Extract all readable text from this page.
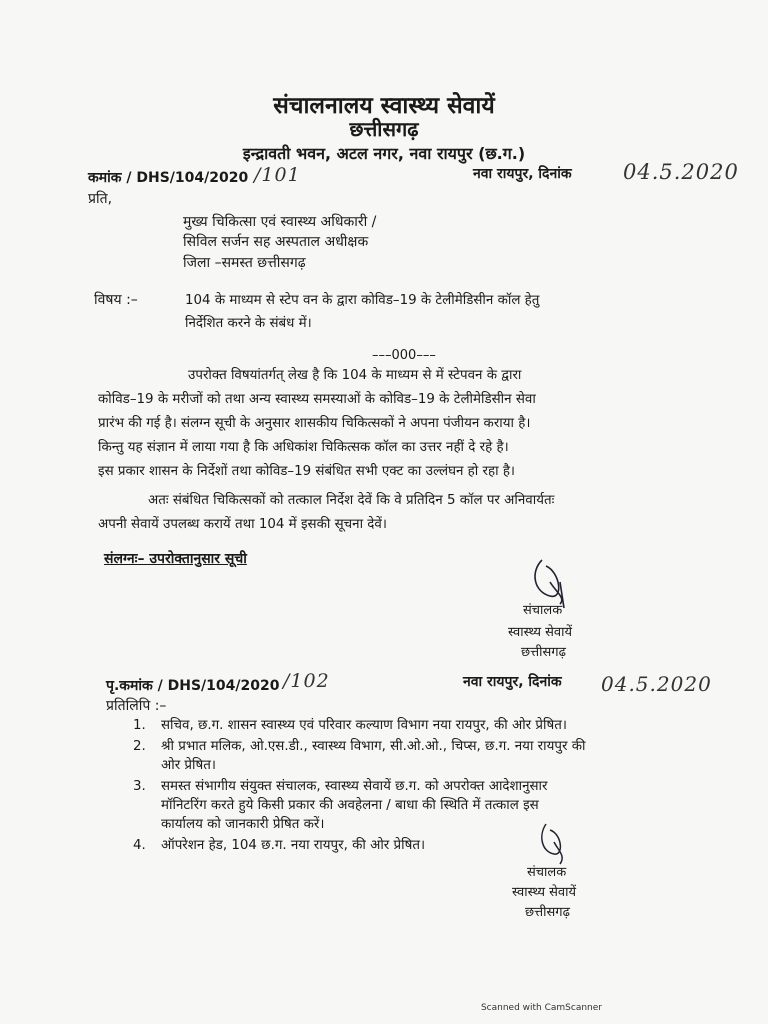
संचालनालय स्वास्थ्य सेवायें
छत्तीसगढ़
इन्द्रावती भवन, अटल नगर, नवा रायपुर (छ.ग.)
कमांक / DHS/104/2020 /101	नवा रायपुर, दिनांक 04.5.2020
प्रति,
मुख्य चिकित्सा एवं स्वास्थ्य अधिकारी /
सिविल सर्जन सह अस्पताल अधीक्षक
जिला –समस्त छत्तीसगढ़
विषय :–	104 के माध्यम से स्टेप वन के द्वारा कोविड–19 के टेलीमेडिसीन कॉल हेतु
निर्देशित करने के संबंध में।
–––000–––
उपरोक्त विषयांतर्गत् लेख है कि 104 के माध्यम से में स्टेपवन के द्वारा
कोविड–19 के मरीजों को तथा अन्य स्वास्थ्य समस्याओं के कोविड–19 के टेलीमेडिसीन सेवा
प्रारंभ की गई है। संलग्न सूची के अनुसार शासकीय चिकित्सकों ने अपना पंजीयन कराया है।
किन्तु यह संज्ञान में लाया गया है कि अधिकांश चिकित्सक कॉल का उत्तर नहीं दे रहे है।
इस प्रकार शासन के निर्देशों तथा कोविड–19 संबंधित सभी एक्ट का उल्लंघन हो रहा है।
अतः संबंधित चिकित्सकों को तत्काल निर्देश देवें कि वे प्रतिदिन 5 कॉल पर अनिवार्यतः
अपनी सेवायें उपलब्ध करायें तथा 104 में इसकी सूचना देवें।
संलग्नः– उपरोक्तानुसार सूची
संचालक
स्वास्थ्य सेवायें
छत्तीसगढ़
पृ.कमांक / DHS/104/2020 /102	नवा रायपुर, दिनांक 04.5.2020
प्रतिलिपि :–
1. सचिव, छ.ग. शासन स्वास्थ्य एवं परिवार कल्याण विभाग नया रायपुर, की ओर प्रेषित।
2. श्री प्रभात मलिक, ओ.एस.डी., स्वास्थ्य विभाग, सी.ओ.ओ., चिप्स, छ.ग. नया रायपुर की
ओर प्रेषित।
3. समस्त संभागीय संयुक्त संचालक, स्वास्थ्य सेवायें छ.ग. को अपरोक्त आदेशानुसार
मॉनिटरिंग करते हुये किसी प्रकार की अवहेलना / बाधा की स्थिति में तत्काल इस
कार्यालय को जानकारी प्रेषित करें।
4. ऑपरेशन हेड, 104 छ.ग. नया रायपुर, की ओर प्रेषित।
संचालक
स्वास्थ्य सेवायें
छत्तीसगढ़
Scanned with CamScanner
